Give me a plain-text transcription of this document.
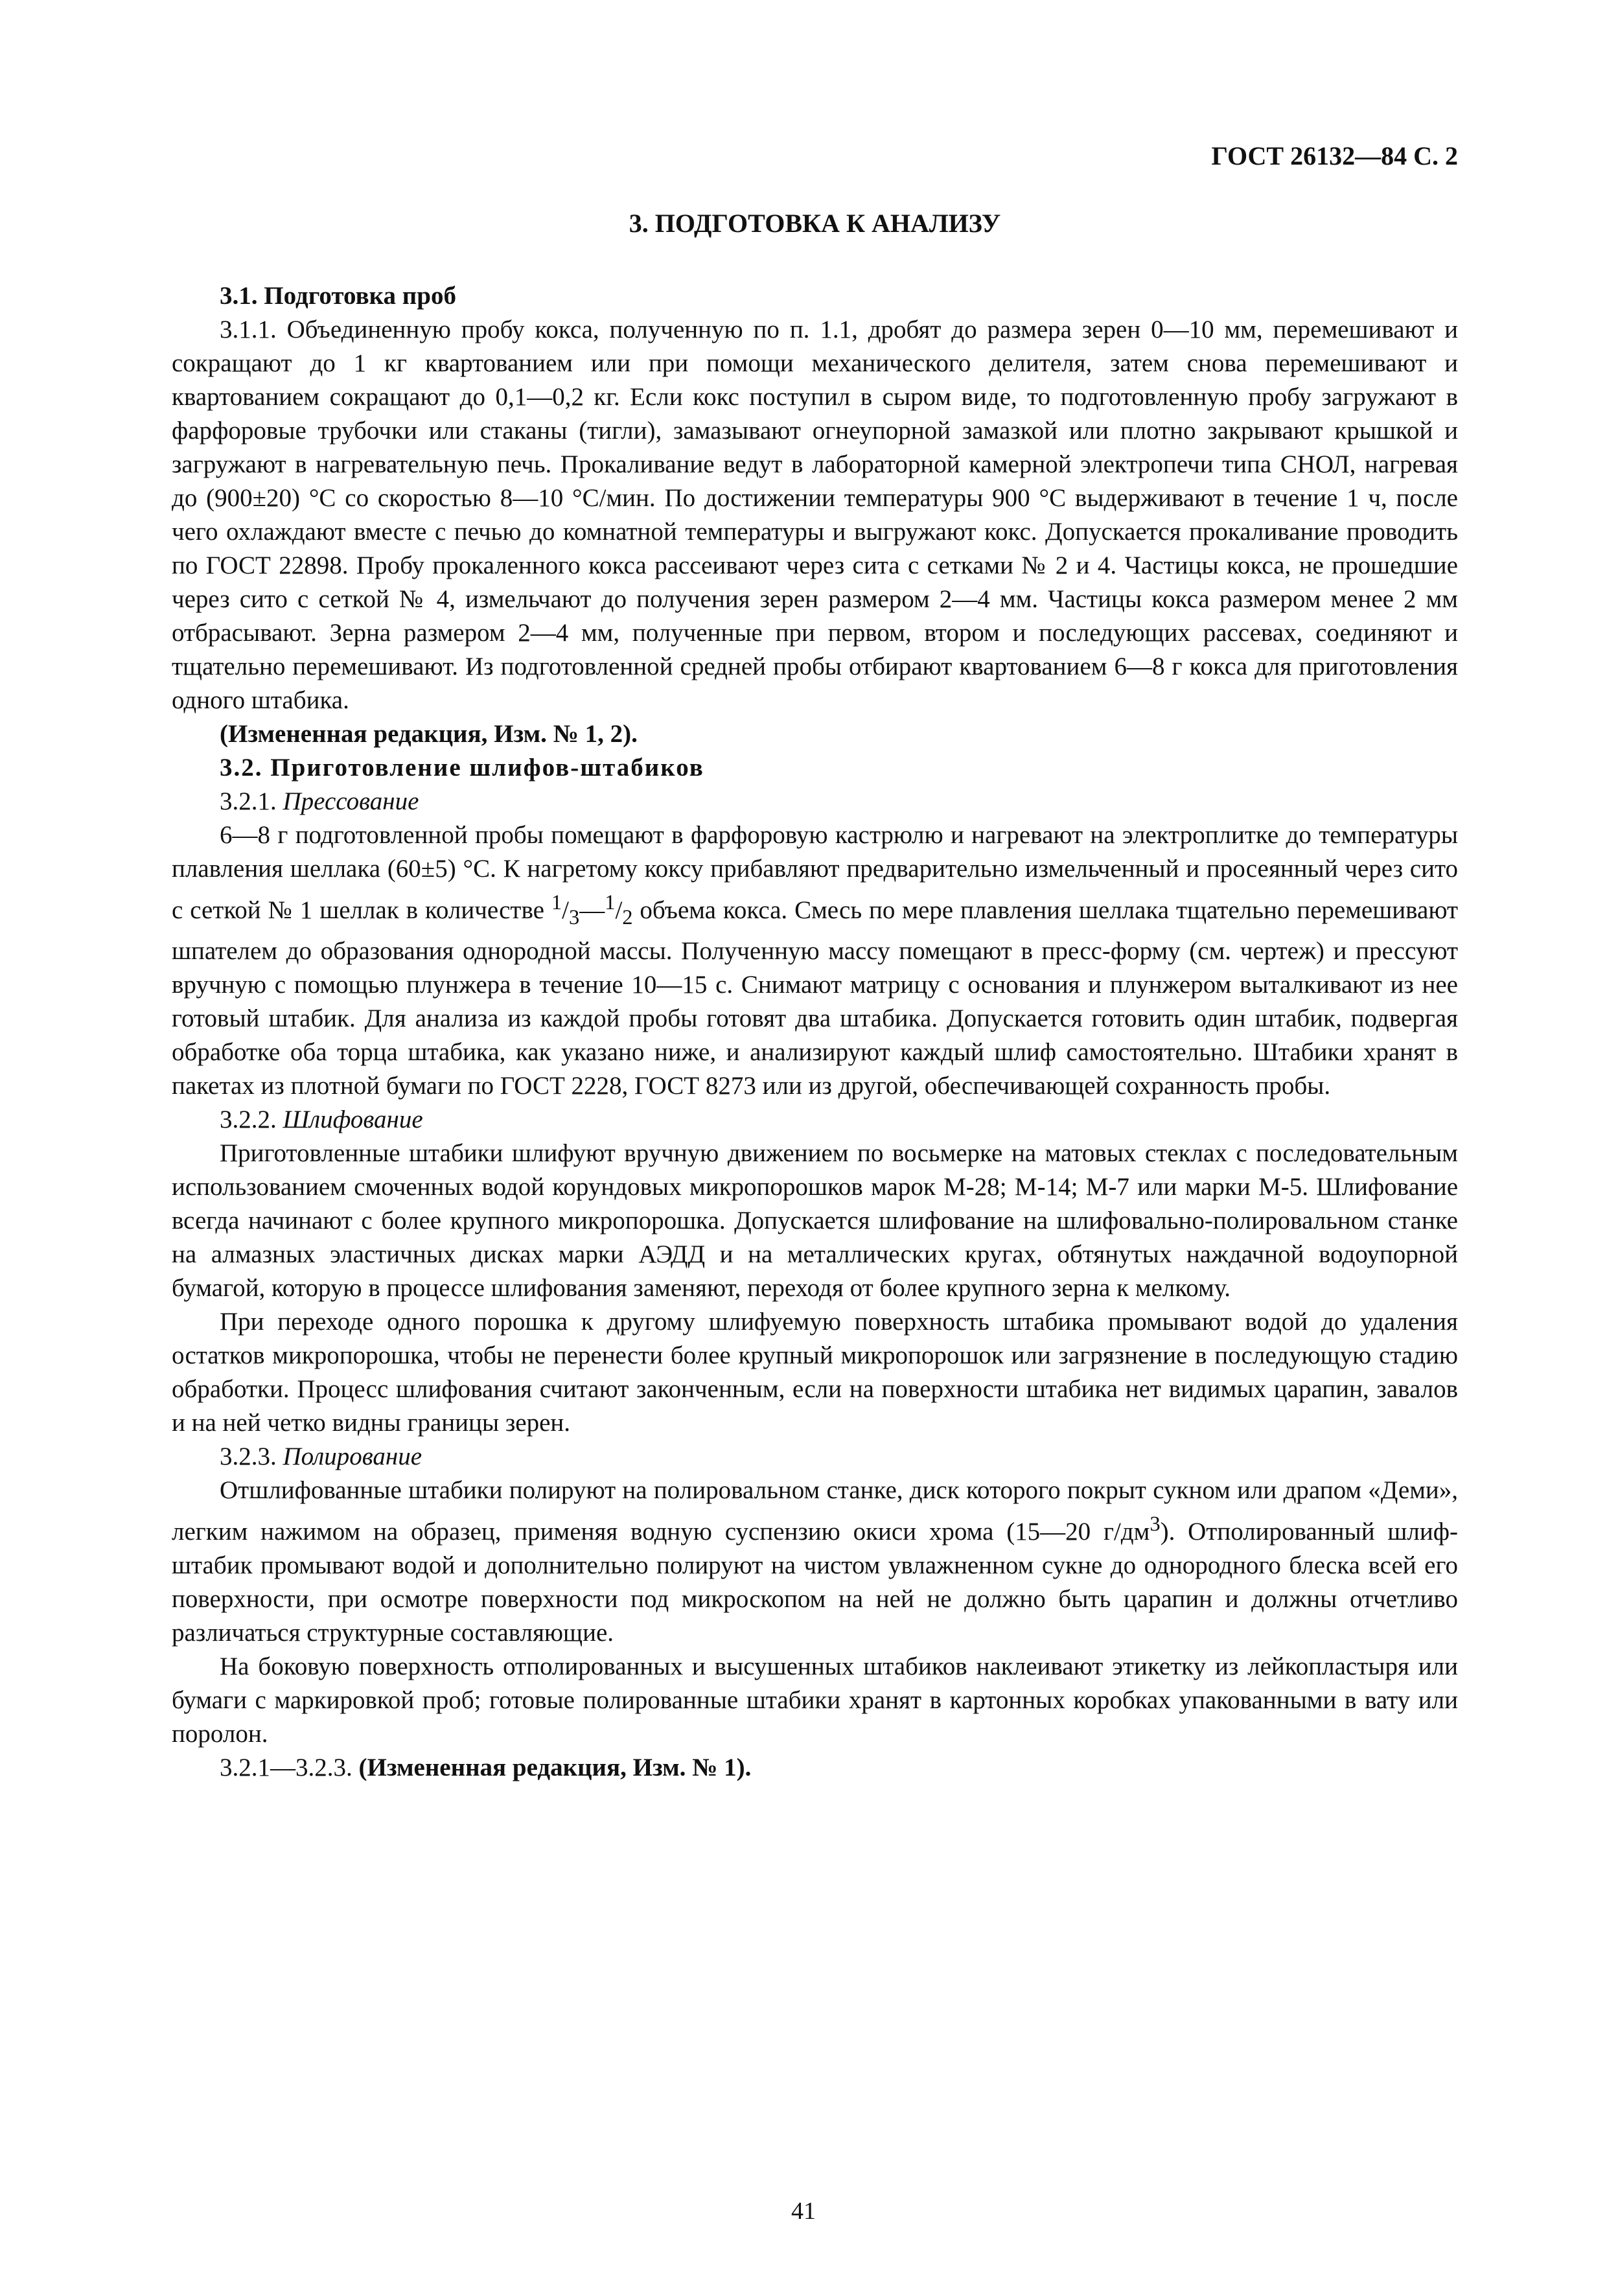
ГОСТ 26132—84 С. 2
3. ПОДГОТОВКА К АНАЛИЗУ

3.1. Подготовка проб

3.1.1. Объединенную пробу кокса, полученную по п. 1.1, дробят до размера зерен 0—10 мм, перемешивают и сокращают до 1 кг квартованием или при помощи механического делителя, затем снова перемешивают и квартованием сокращают до 0,1—0,2 кг. Если кокс поступил в сыром виде, то подготовленную пробу загружают в фарфоровые трубочки или стаканы (тигли), замазывают огнеупорной замазкой или плотно закрывают крышкой и загружают в нагревательную печь. Прокаливание ведут в лабораторной камерной электропечи типа СНОЛ, нагревая до (900±20) °С со скоростью 8—10 °С/мин. По достижении температуры 900 °С выдерживают в течение 1 ч, после чего охлаждают вместе с печью до комнатной температуры и выгружают кокс. Допускается прокаливание проводить по ГОСТ 22898. Пробу прокаленного кокса рассеивают через сита с сетками № 2 и 4. Частицы кокса, не прошедшие через сито с сеткой № 4, измельчают до получения зерен размером 2—4 мм. Частицы кокса размером менее 2 мм отбрасывают. Зерна размером 2—4 мм, полученные при первом, втором и последующих рассевах, соединяют и тщательно перемешивают. Из подготовленной средней пробы отбирают квартованием 6—8 г кокса для приготовления одного штабика.

(Измененная редакция, Изм. № 1, 2).

3.2. Приготовление шлифов-штабиков

3.2.1. Прессование

6—8 г подготовленной пробы помещают в фарфоровую кастрюлю и нагревают на электроплитке до температуры плавления шеллака (60±5) °С. К нагретому коксу прибавляют предварительно измельченный и просеянный через сито с сеткой № 1 шеллак в количестве $^1/_3—^1/_2$ объема кокса. Смесь по мере плавления шеллака тщательно перемешивают шпателем до образования однородной массы. Полученную массу помещают в пресс-форму (см. чертеж) и прессуют вручную с помощью плунжера в течение 10—15 с. Снимают матрицу с основания и плунжером выталкивают из нее готовый штабик. Для анализа из каждой пробы готовят два штабика. Допускается готовить один штабик, подвергая обработке оба торца штабика, как указано ниже, и анализируют каждый шлиф самостоятельно. Штабики хранят в пакетах из плотной бумаги по ГОСТ 2228, ГОСТ 8273 или из другой, обеспечивающей сохранность пробы.

3.2.2. Шлифование

Приготовленные штабики шлифуют вручную движением по восьмерке на матовых стеклах с последовательным использованием смоченных водой корундовых микропорошков марок М-28; М-14; М-7 или марки М-5. Шлифование всегда начинают с более крупного микропорошка. Допускается шлифование на шлифовально-полировальном станке на алмазных эластичных дисках марки АЭДД и на металлических кругах, обтянутых наждачной водоупорной бумагой, которую в процессе шлифования заменяют, переходя от более крупного зерна к мелкому.

При переходе одного порошка к другому шлифуемую поверхность штабика промывают водой до удаления остатков микропорошка, чтобы не перенести более крупный микропорошок или загрязнение в последующую стадию обработки. Процесс шлифования считают законченным, если на поверхности штабика нет видимых царапин, завалов и на ней четко видны границы зерен.

3.2.3. Полирование

Отшлифованные штабики полируют на полировальном станке, диск которого покрыт сукном или драпом «Деми», легким нажимом на образец, применяя водную суспензию окиси хрома (15—20 $г/дм^3$). Отполированный шлиф-штабик промывают водой и дополнительно полируют на чистом увлажненном сукне до однородного блеска всей его поверхности, при осмотре поверхности под микроскопом на ней не должно быть царапин и должны отчетливо различаться структурные составляющие.

На боковую поверхность отполированных и высушенных штабиков наклеивают этикетку из лейкопластыря или бумаги с маркировкой проб; готовые полированные штабики хранят в картонных коробках упакованными в вату или поролон.

3.2.1—3.2.3. (Измененная редакция, Изм. № 1).

41
